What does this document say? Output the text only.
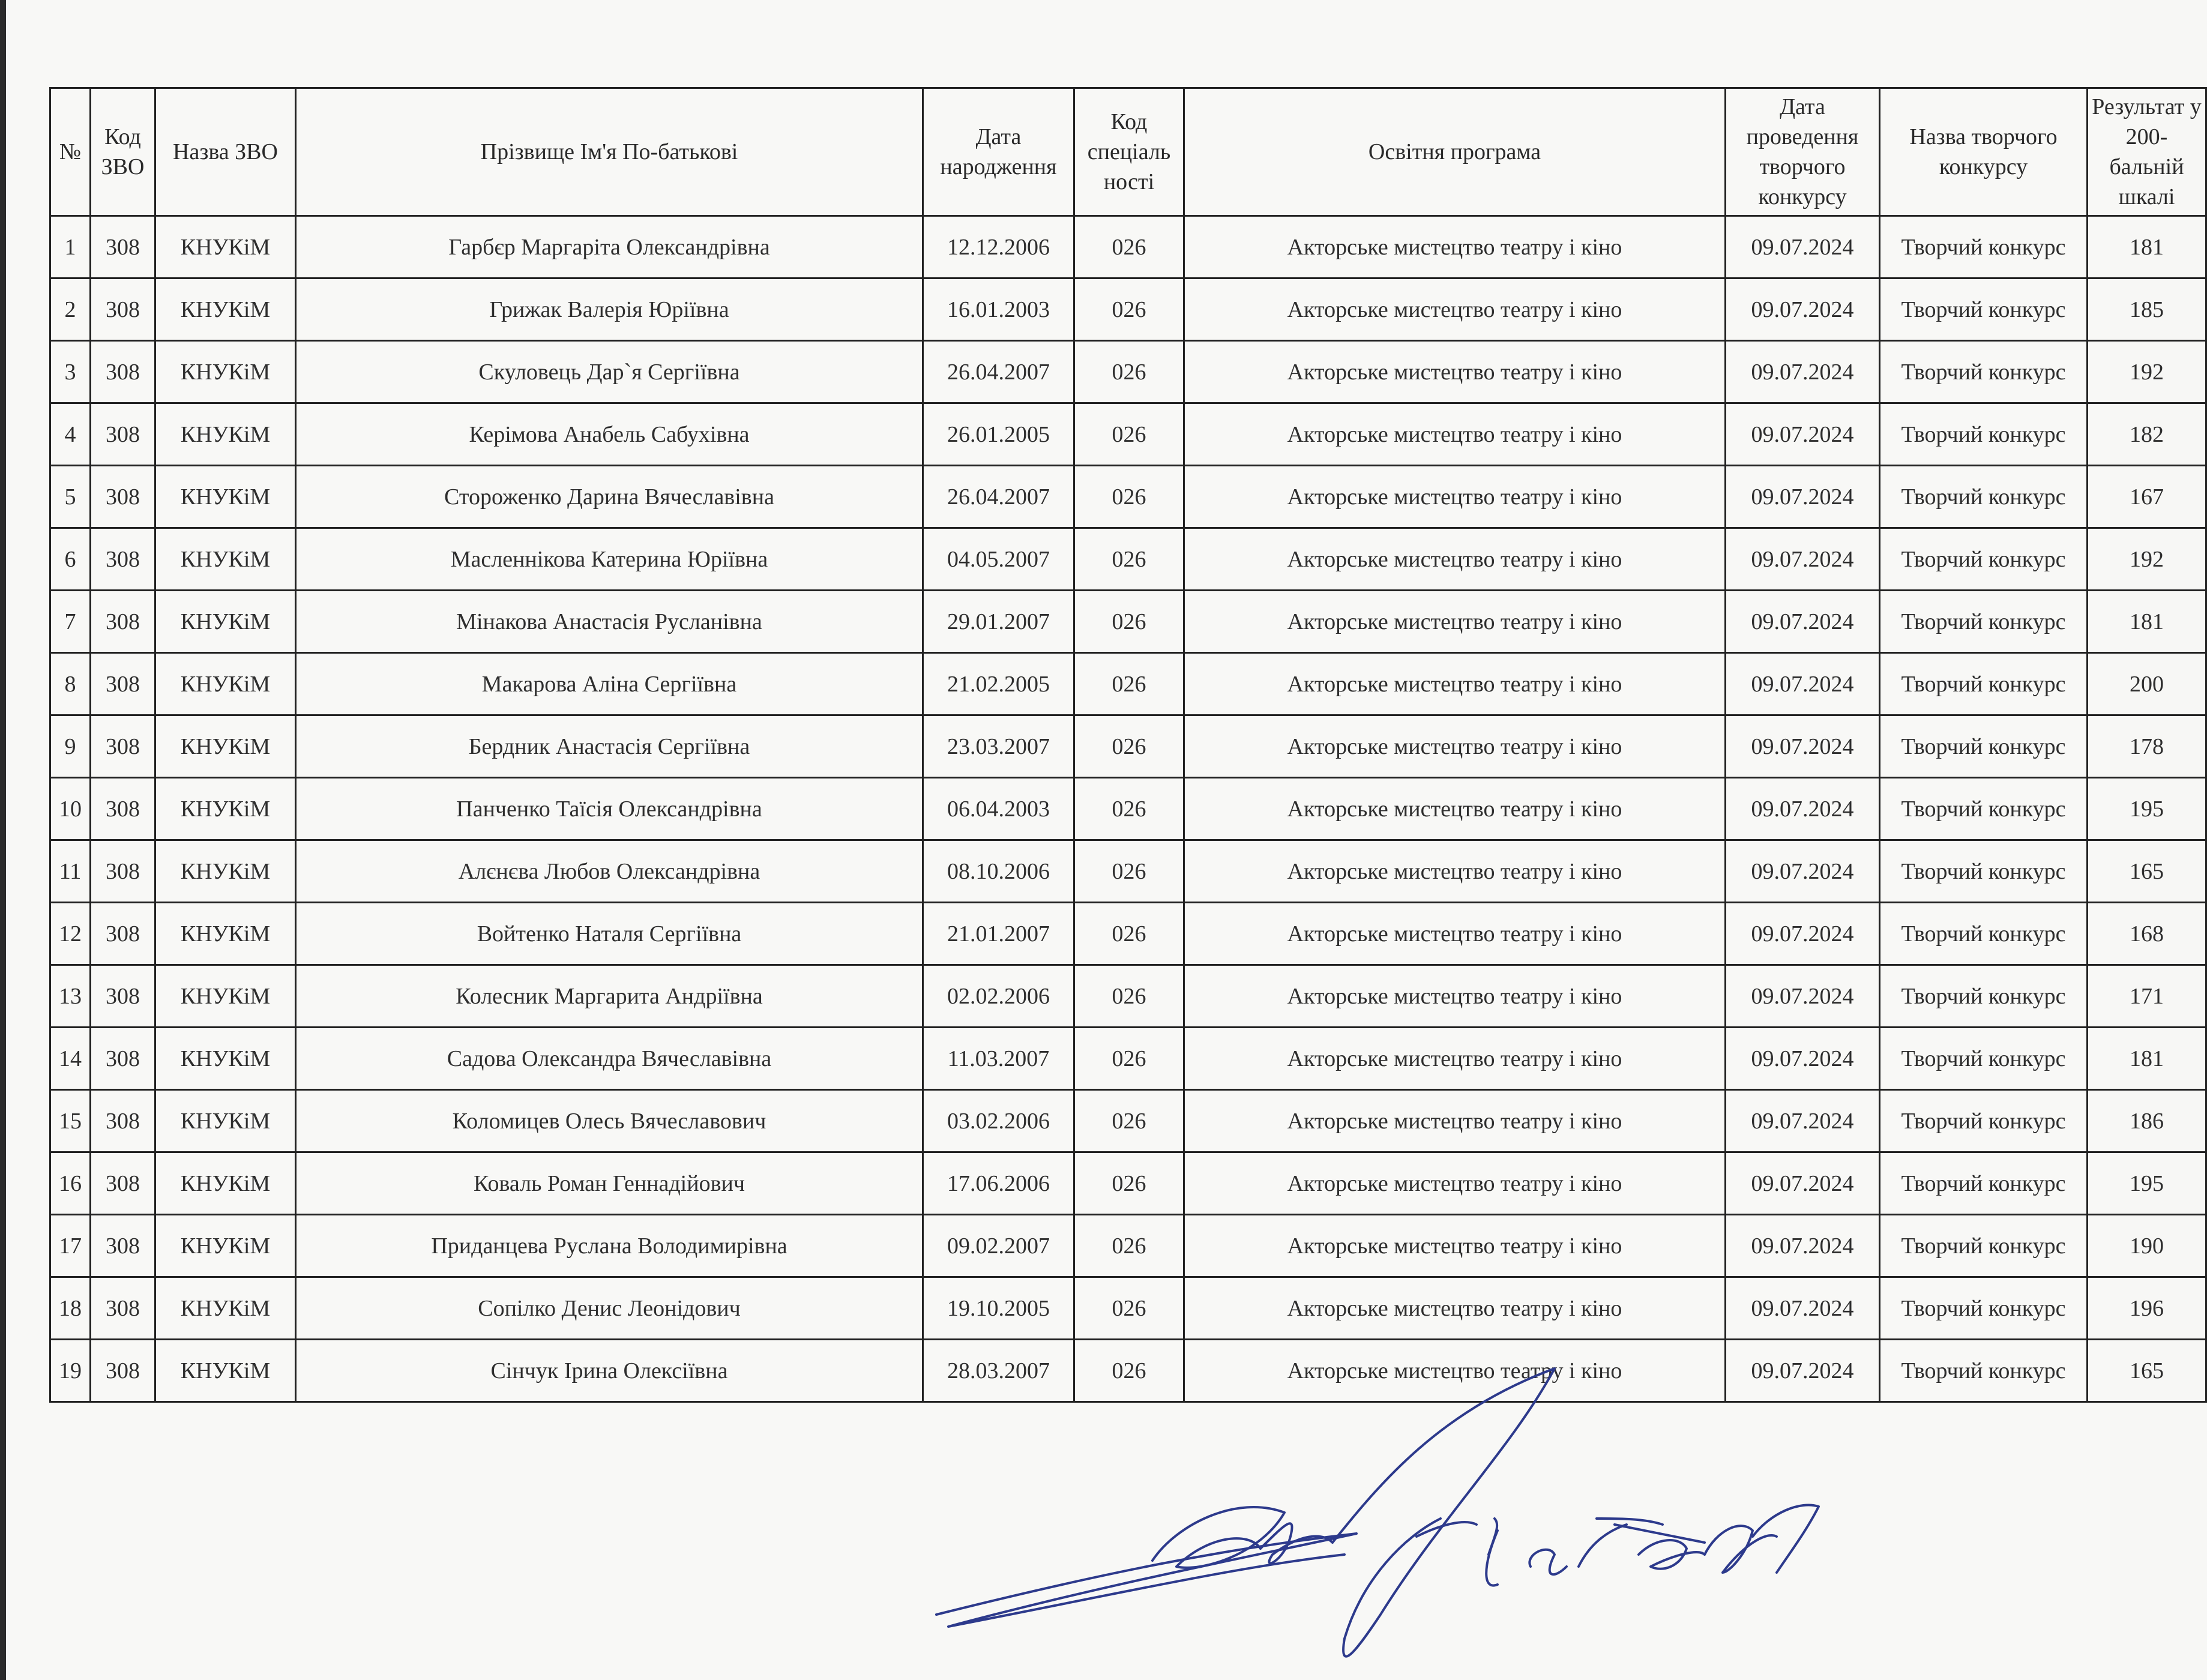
№	Код ЗВО	Назва ЗВО	Прізвище Ім'я По-батькові	Дата народження	Код спеціаль ності	Освітня програма	Дата проведення творчого конкурсу	Назва творчого конкурсу	Результат у 200-бальній шкалі
1	308	КНУКіМ	Гарбєр Маргаріта Олександрівна	12.12.2006	026	Акторське мистецтво театру і кіно	09.07.2024	Творчий конкурс	181
2	308	КНУКіМ	Грижак Валерія Юріївна	16.01.2003	026	Акторське мистецтво театру і кіно	09.07.2024	Творчий конкурс	185
3	308	КНУКіМ	Скуловець Дар`я Сергіївна	26.04.2007	026	Акторське мистецтво театру і кіно	09.07.2024	Творчий конкурс	192
4	308	КНУКіМ	Керімова Анабель Сабухівна	26.01.2005	026	Акторське мистецтво театру і кіно	09.07.2024	Творчий конкурс	182
5	308	КНУКіМ	Стороженко Дарина Вячеславівна	26.04.2007	026	Акторське мистецтво театру і кіно	09.07.2024	Творчий конкурс	167
6	308	КНУКіМ	Масленнікова Катерина Юріївна	04.05.2007	026	Акторське мистецтво театру і кіно	09.07.2024	Творчий конкурс	192
7	308	КНУКіМ	Мінакова Анастасія Русланівна	29.01.2007	026	Акторське мистецтво театру і кіно	09.07.2024	Творчий конкурс	181
8	308	КНУКіМ	Макарова Аліна Сергіївна	21.02.2005	026	Акторське мистецтво театру і кіно	09.07.2024	Творчий конкурс	200
9	308	КНУКіМ	Бердник Анастасія Сергіївна	23.03.2007	026	Акторське мистецтво театру і кіно	09.07.2024	Творчий конкурс	178
10	308	КНУКіМ	Панченко Таїсія Олександрівна	06.04.2003	026	Акторське мистецтво театру і кіно	09.07.2024	Творчий конкурс	195
11	308	КНУКіМ	Алєнєва Любов Олександрівна	08.10.2006	026	Акторське мистецтво театру і кіно	09.07.2024	Творчий конкурс	165
12	308	КНУКіМ	Войтенко Наталя Сергіївна	21.01.2007	026	Акторське мистецтво театру і кіно	09.07.2024	Творчий конкурс	168
13	308	КНУКіМ	Колесник Маргарита Андріївна	02.02.2006	026	Акторське мистецтво театру і кіно	09.07.2024	Творчий конкурс	171
14	308	КНУКіМ	Садова Олександра Вячеславівна	11.03.2007	026	Акторське мистецтво театру і кіно	09.07.2024	Творчий конкурс	181
15	308	КНУКіМ	Коломицев Олесь Вячеславович	03.02.2006	026	Акторське мистецтво театру і кіно	09.07.2024	Творчий конкурс	186
16	308	КНУКіМ	Коваль Роман Геннадійович	17.06.2006	026	Акторське мистецтво театру і кіно	09.07.2024	Творчий конкурс	195
17	308	КНУКіМ	Приданцева Руслана Володимирівна	09.02.2007	026	Акторське мистецтво театру і кіно	09.07.2024	Творчий конкурс	190
18	308	КНУКіМ	Сопілко Денис Леонідович	19.10.2005	026	Акторське мистецтво театру і кіно	09.07.2024	Творчий конкурс	196
19	308	КНУКіМ	Сінчук Ірина Олексіївна	28.03.2007	026	Акторське мистецтво театру і кіно	09.07.2024	Творчий конкурс	165
